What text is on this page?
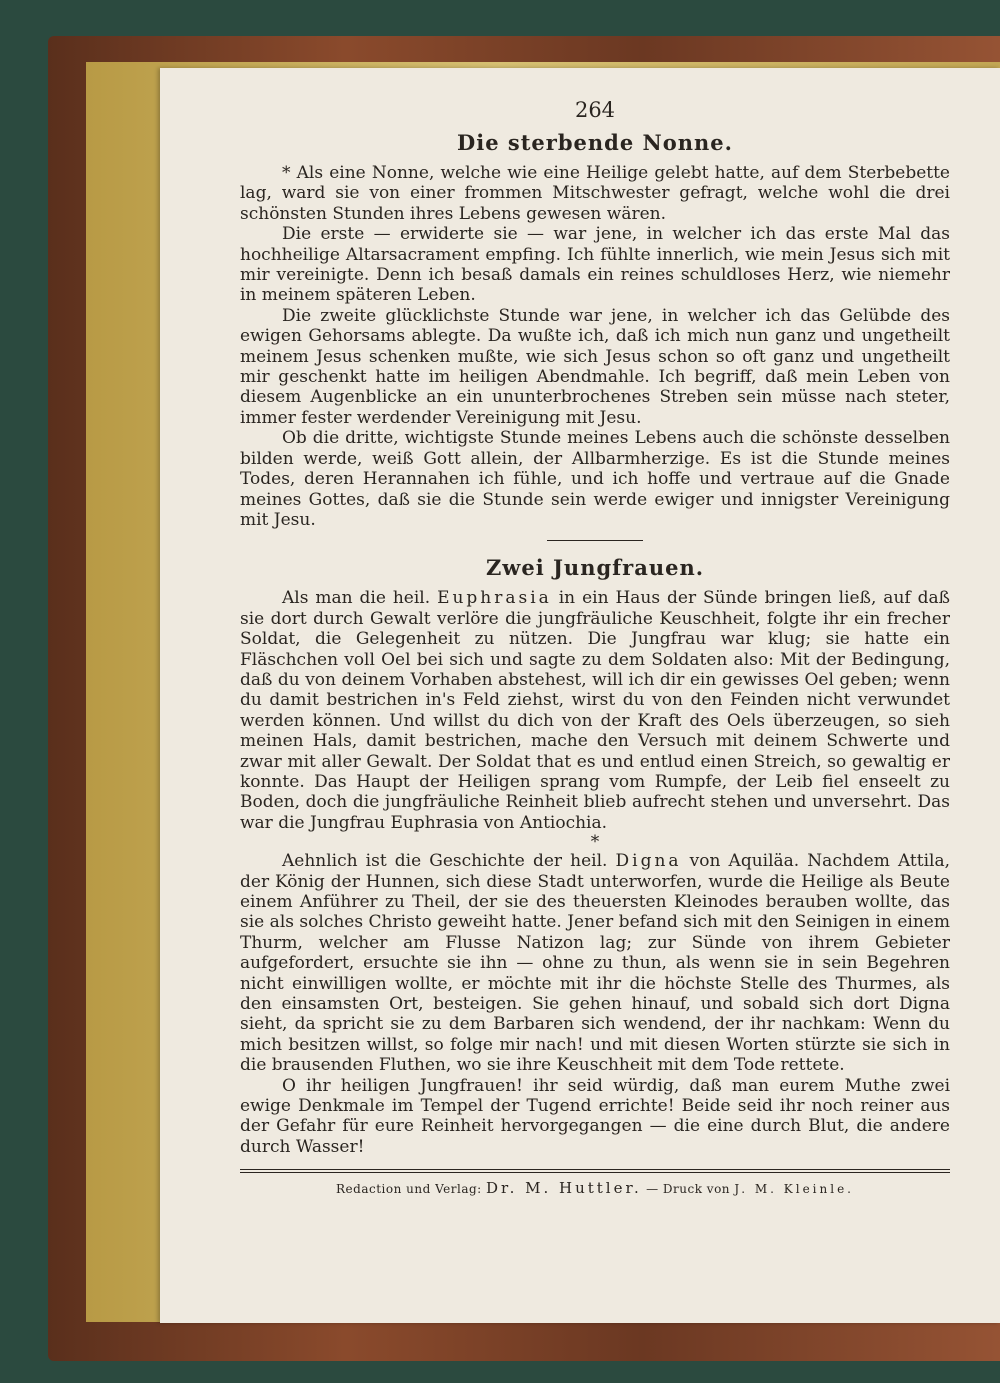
264
Die sterbende Nonne.

* Als eine Nonne, welche wie eine Heilige gelebt hatte, auf dem Sterbebette lag, ward sie von einer frommen Mitschwester gefragt, welche wohl die drei schönsten Stunden ihres Lebens gewesen wären.

Die erste — erwiderte sie — war jene, in welcher ich das erste Mal das hochheilige Altarsacrament empfing. Ich fühlte innerlich, wie mein Jesus sich mit mir vereinigte. Denn ich besaß damals ein reines schuldloses Herz, wie niemehr in meinem späteren Leben.

Die zweite glücklichste Stunde war jene, in welcher ich das Gelübde des ewigen Gehorsams ablegte. Da wußte ich, daß ich mich nun ganz und ungetheilt meinem Jesus schenken mußte, wie sich Jesus schon so oft ganz und ungetheilt mir geschenkt hatte im heiligen Abendmahle. Ich begriff, daß mein Leben von diesem Augenblicke an ein ununterbrochenes Streben sein müsse nach steter, immer fester werdender Vereinigung mit Jesu.

Ob die dritte, wichtigste Stunde meines Lebens auch die schönste desselben bilden werde, weiß Gott allein, der Allbarmherzige. Es ist die Stunde meines Todes, deren Herannahen ich fühle, und ich hoffe und vertraue auf die Gnade meines Gottes, daß sie die Stunde sein werde ewiger und innigster Vereinigung mit Jesu.

Zwei Jungfrauen.

Als man die heil. Euphrasia in ein Haus der Sünde bringen ließ, auf daß sie dort durch Gewalt verlöre die jungfräuliche Keuschheit, folgte ihr ein frecher Soldat, die Gelegenheit zu nützen. Die Jungfrau war klug; sie hatte ein Fläschchen voll Oel bei sich und sagte zu dem Soldaten also: Mit der Bedingung, daß du von deinem Vorhaben abstehest, will ich dir ein gewisses Oel geben; wenn du damit bestrichen in's Feld ziehst, wirst du von den Feinden nicht verwundet werden können. Und willst du dich von der Kraft des Oels überzeugen, so sieh meinen Hals, damit bestrichen, mache den Versuch mit deinem Schwerte und zwar mit aller Gewalt. Der Soldat that es und entlud einen Streich, so gewaltig er konnte. Das Haupt der Heiligen sprang vom Rumpfe, der Leib fiel enseelt zu Boden, doch die jungfräuliche Reinheit blieb aufrecht stehen und unversehrt. Das war die Jungfrau Euphrasia von Antiochia.

*

Aehnlich ist die Geschichte der heil. Digna von Aquiläa. Nachdem Attila, der König der Hunnen, sich diese Stadt unterworfen, wurde die Heilige als Beute einem Anführer zu Theil, der sie des theuersten Kleinodes berauben wollte, das sie als solches Christo geweiht hatte. Jener befand sich mit den Seinigen in einem Thurm, welcher am Flusse Natizon lag; zur Sünde von ihrem Gebieter aufgefordert, ersuchte sie ihn — ohne zu thun, als wenn sie in sein Begehren nicht einwilligen wollte, er möchte mit ihr die höchste Stelle des Thurmes, als den einsamsten Ort, besteigen. Sie gehen hinauf, und sobald sich dort Digna sieht, da spricht sie zu dem Barbaren sich wendend, der ihr nachkam: Wenn du mich besitzen willst, so folge mir nach! und mit diesen Worten stürzte sie sich in die brausenden Fluthen, wo sie ihre Keuschheit mit dem Tode rettete.

O ihr heiligen Jungfrauen! ihr seid würdig, daß man eurem Muthe zwei ewige Denkmale im Tempel der Tugend errichte! Beide seid ihr noch reiner aus der Gefahr für eure Reinheit hervorgegangen — die eine durch Blut, die andere durch Wasser!

Redaction und Verlag: Dr. M. Huttler. — Druck von J. M. Kleinle.
